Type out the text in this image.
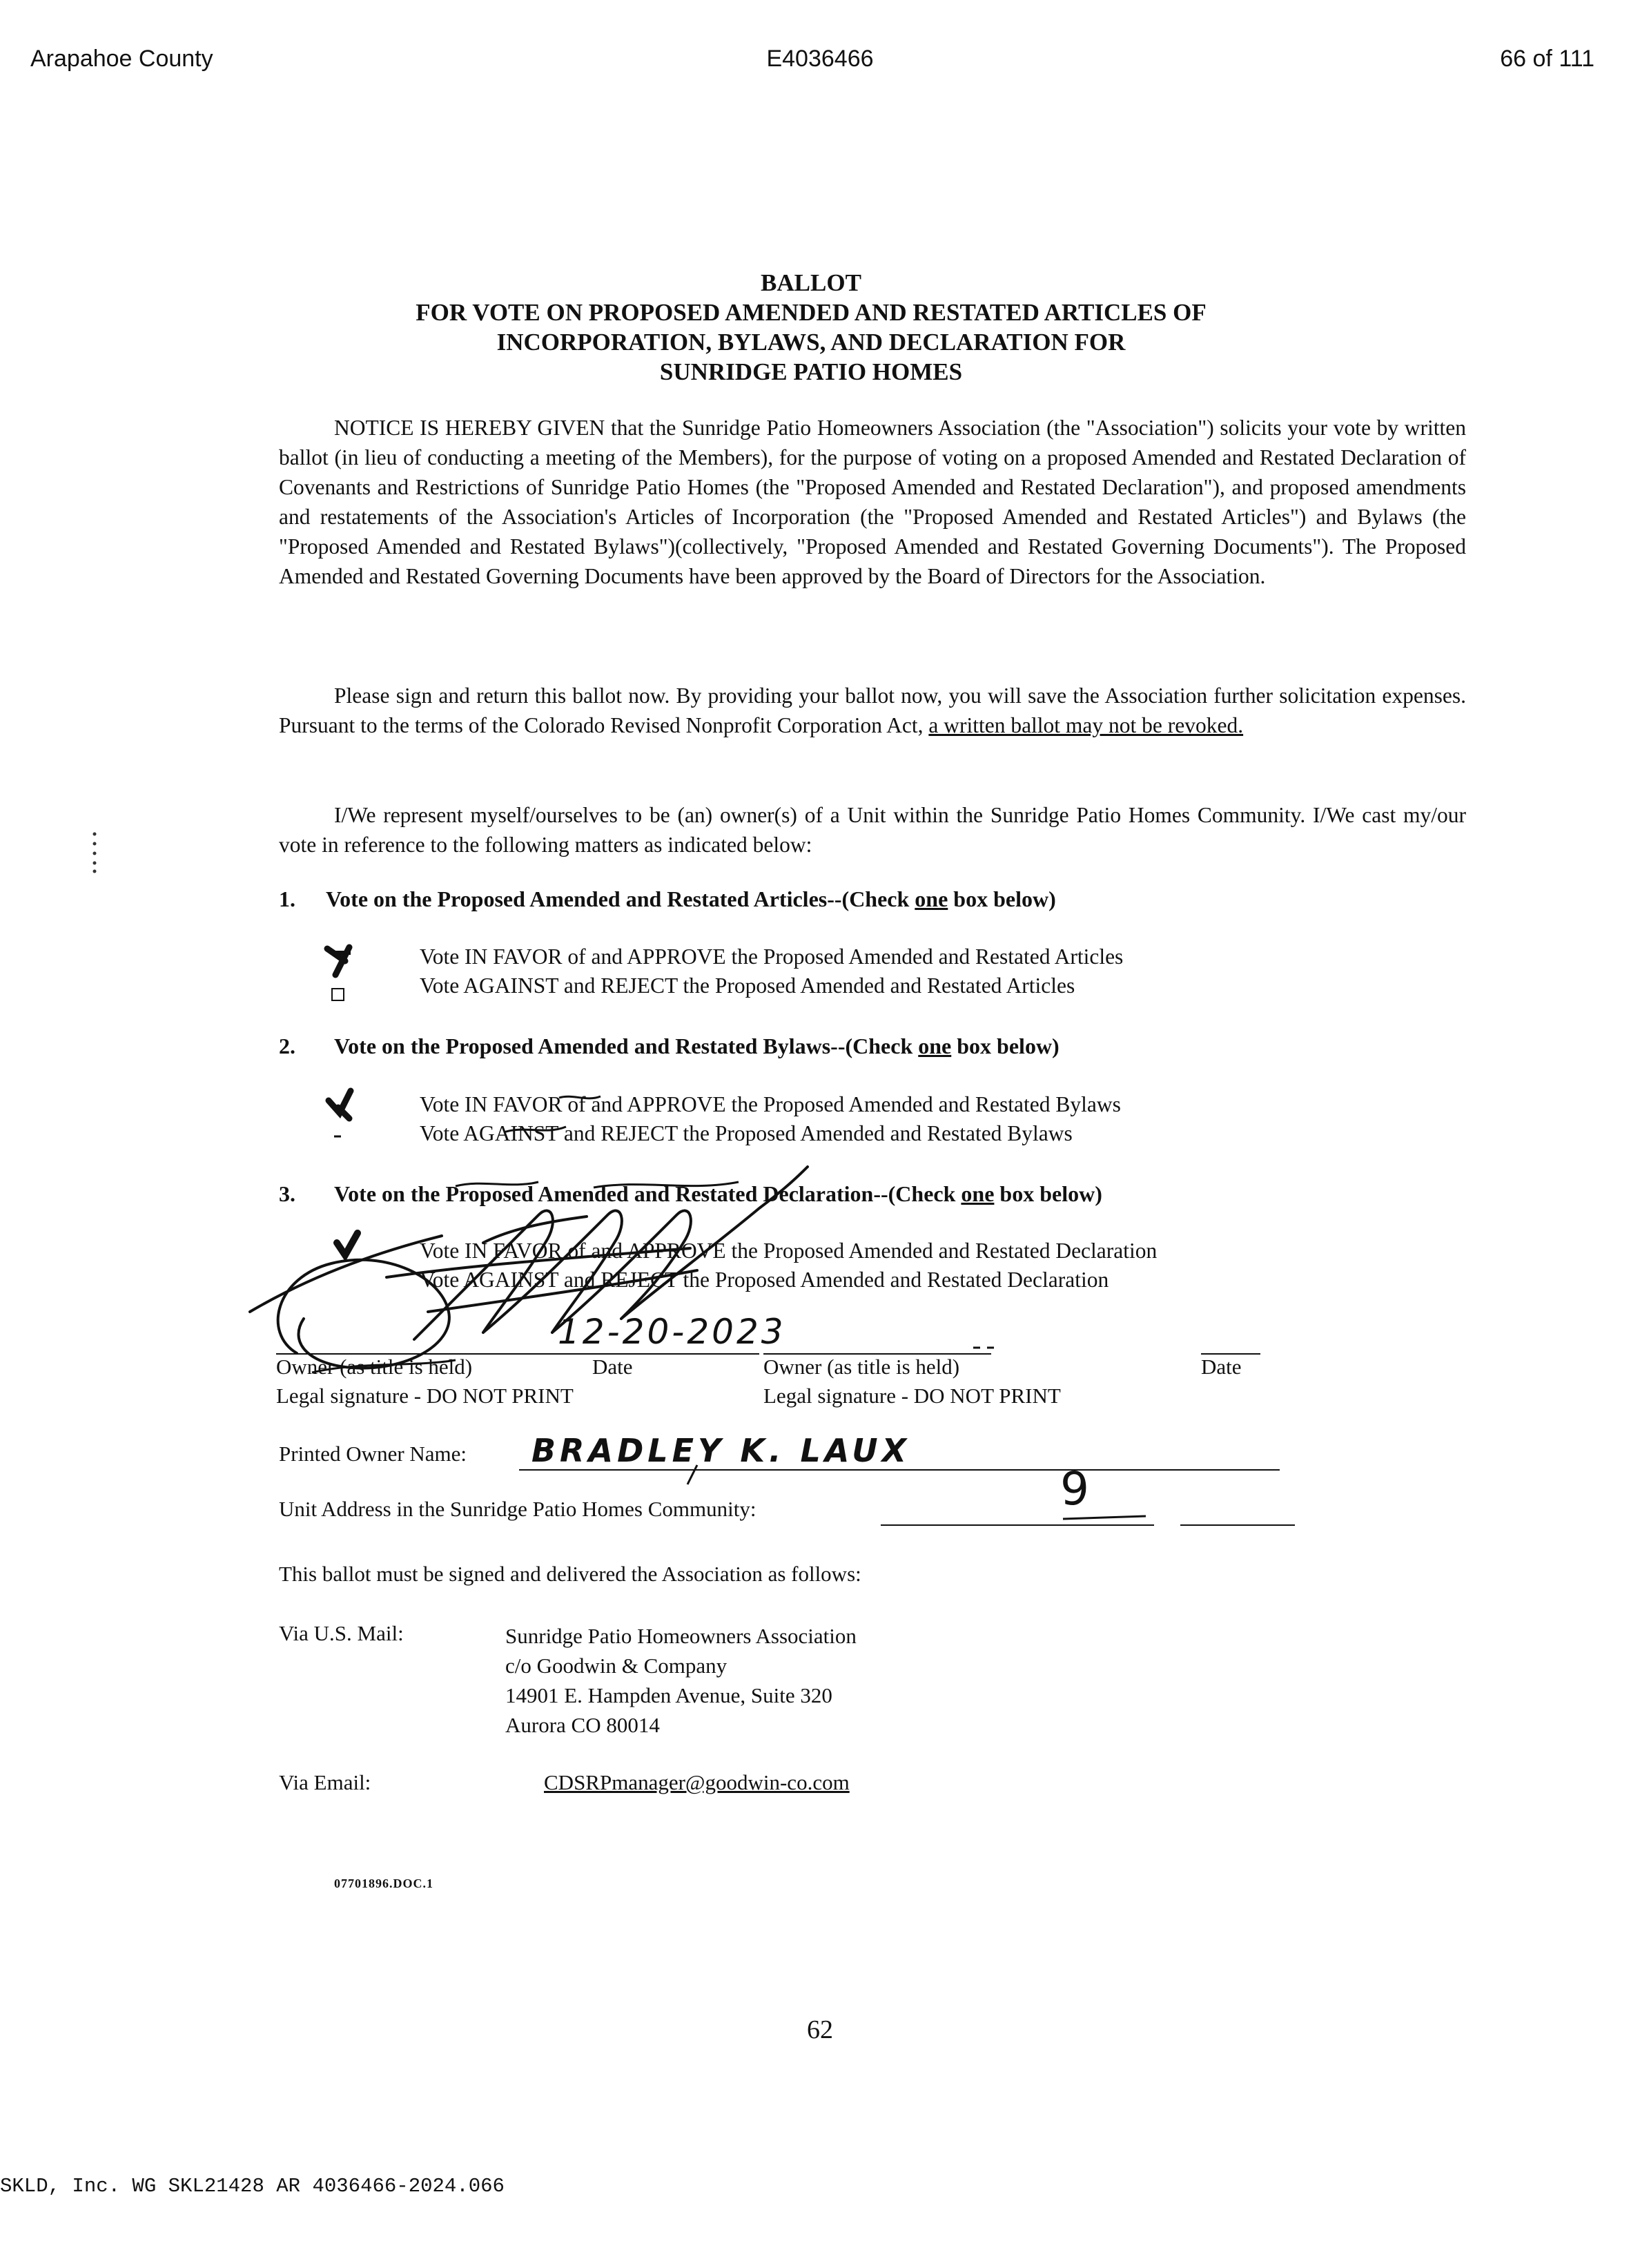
Arapahoe County	E4036466	66 of 111
BALLOT
FOR VOTE ON PROPOSED AMENDED AND RESTATED ARTICLES OF
INCORPORATION, BYLAWS, AND DECLARATION FOR
SUNRIDGE PATIO HOMES
NOTICE IS HEREBY GIVEN that the Sunridge Patio Homeowners Association (the "Association") solicits your vote by written ballot (in lieu of conducting a meeting of the Members), for the purpose of voting on a proposed Amended and Restated Declaration of Covenants and Restrictions of Sunridge Patio Homes (the "Proposed Amended and Restated Declaration"), and proposed amendments and restatements of the Association's Articles of Incorporation (the "Proposed Amended and Restated Articles") and Bylaws (the "Proposed Amended and Restated Bylaws")(collectively, "Proposed Amended and Restated Governing Documents"). The Proposed Amended and Restated Governing Documents have been approved by the Board of Directors for the Association.
Please sign and return this ballot now. By providing your ballot now, you will save the Association further solicitation expenses. Pursuant to the terms of the Colorado Revised Nonprofit Corporation Act, a written ballot may not be revoked.
I/We represent myself/ourselves to be (an) owner(s) of a Unit within the Sunridge Patio Homes Community. I/We cast my/our vote in reference to the following matters as indicated below:
1. Vote on the Proposed Amended and Restated Articles--(Check one box below)
Vote IN FAVOR of and APPROVE the Proposed Amended and Restated Articles
Vote AGAINST and REJECT the Proposed Amended and Restated Articles
2. Vote on the Proposed Amended and Restated Bylaws--(Check one box below)
Vote IN FAVOR of and APPROVE the Proposed Amended and Restated Bylaws
Vote AGAINST and REJECT the Proposed Amended and Restated Bylaws
3. Vote on the Proposed Amended and Restated Declaration--(Check one box below)
Vote IN FAVOR of and APPROVE the Proposed Amended and Restated Declaration
Vote AGAINST and REJECT the Proposed Amended and Restated Declaration
12-20-2023
Owner (as title is held)	Date	Owner (as title is held)	Date
Legal signature - DO NOT PRINT	Legal signature - DO NOT PRINT
Printed Owner Name: BRADLEY K. LAUX
Unit Address in the Sunridge Patio Homes Community:	9
This ballot must be signed and delivered the Association as follows:
Via U.S. Mail:	Sunridge Patio Homeowners Association
c/o Goodwin & Company
14901 E. Hampden Avenue, Suite 320
Aurora CO 80014
Via Email:	CDSRPmanager@goodwin-co.com
07701896.DOC.1
62
SKLD, Inc. WG SKL21428 AR 4036466-2024.066
